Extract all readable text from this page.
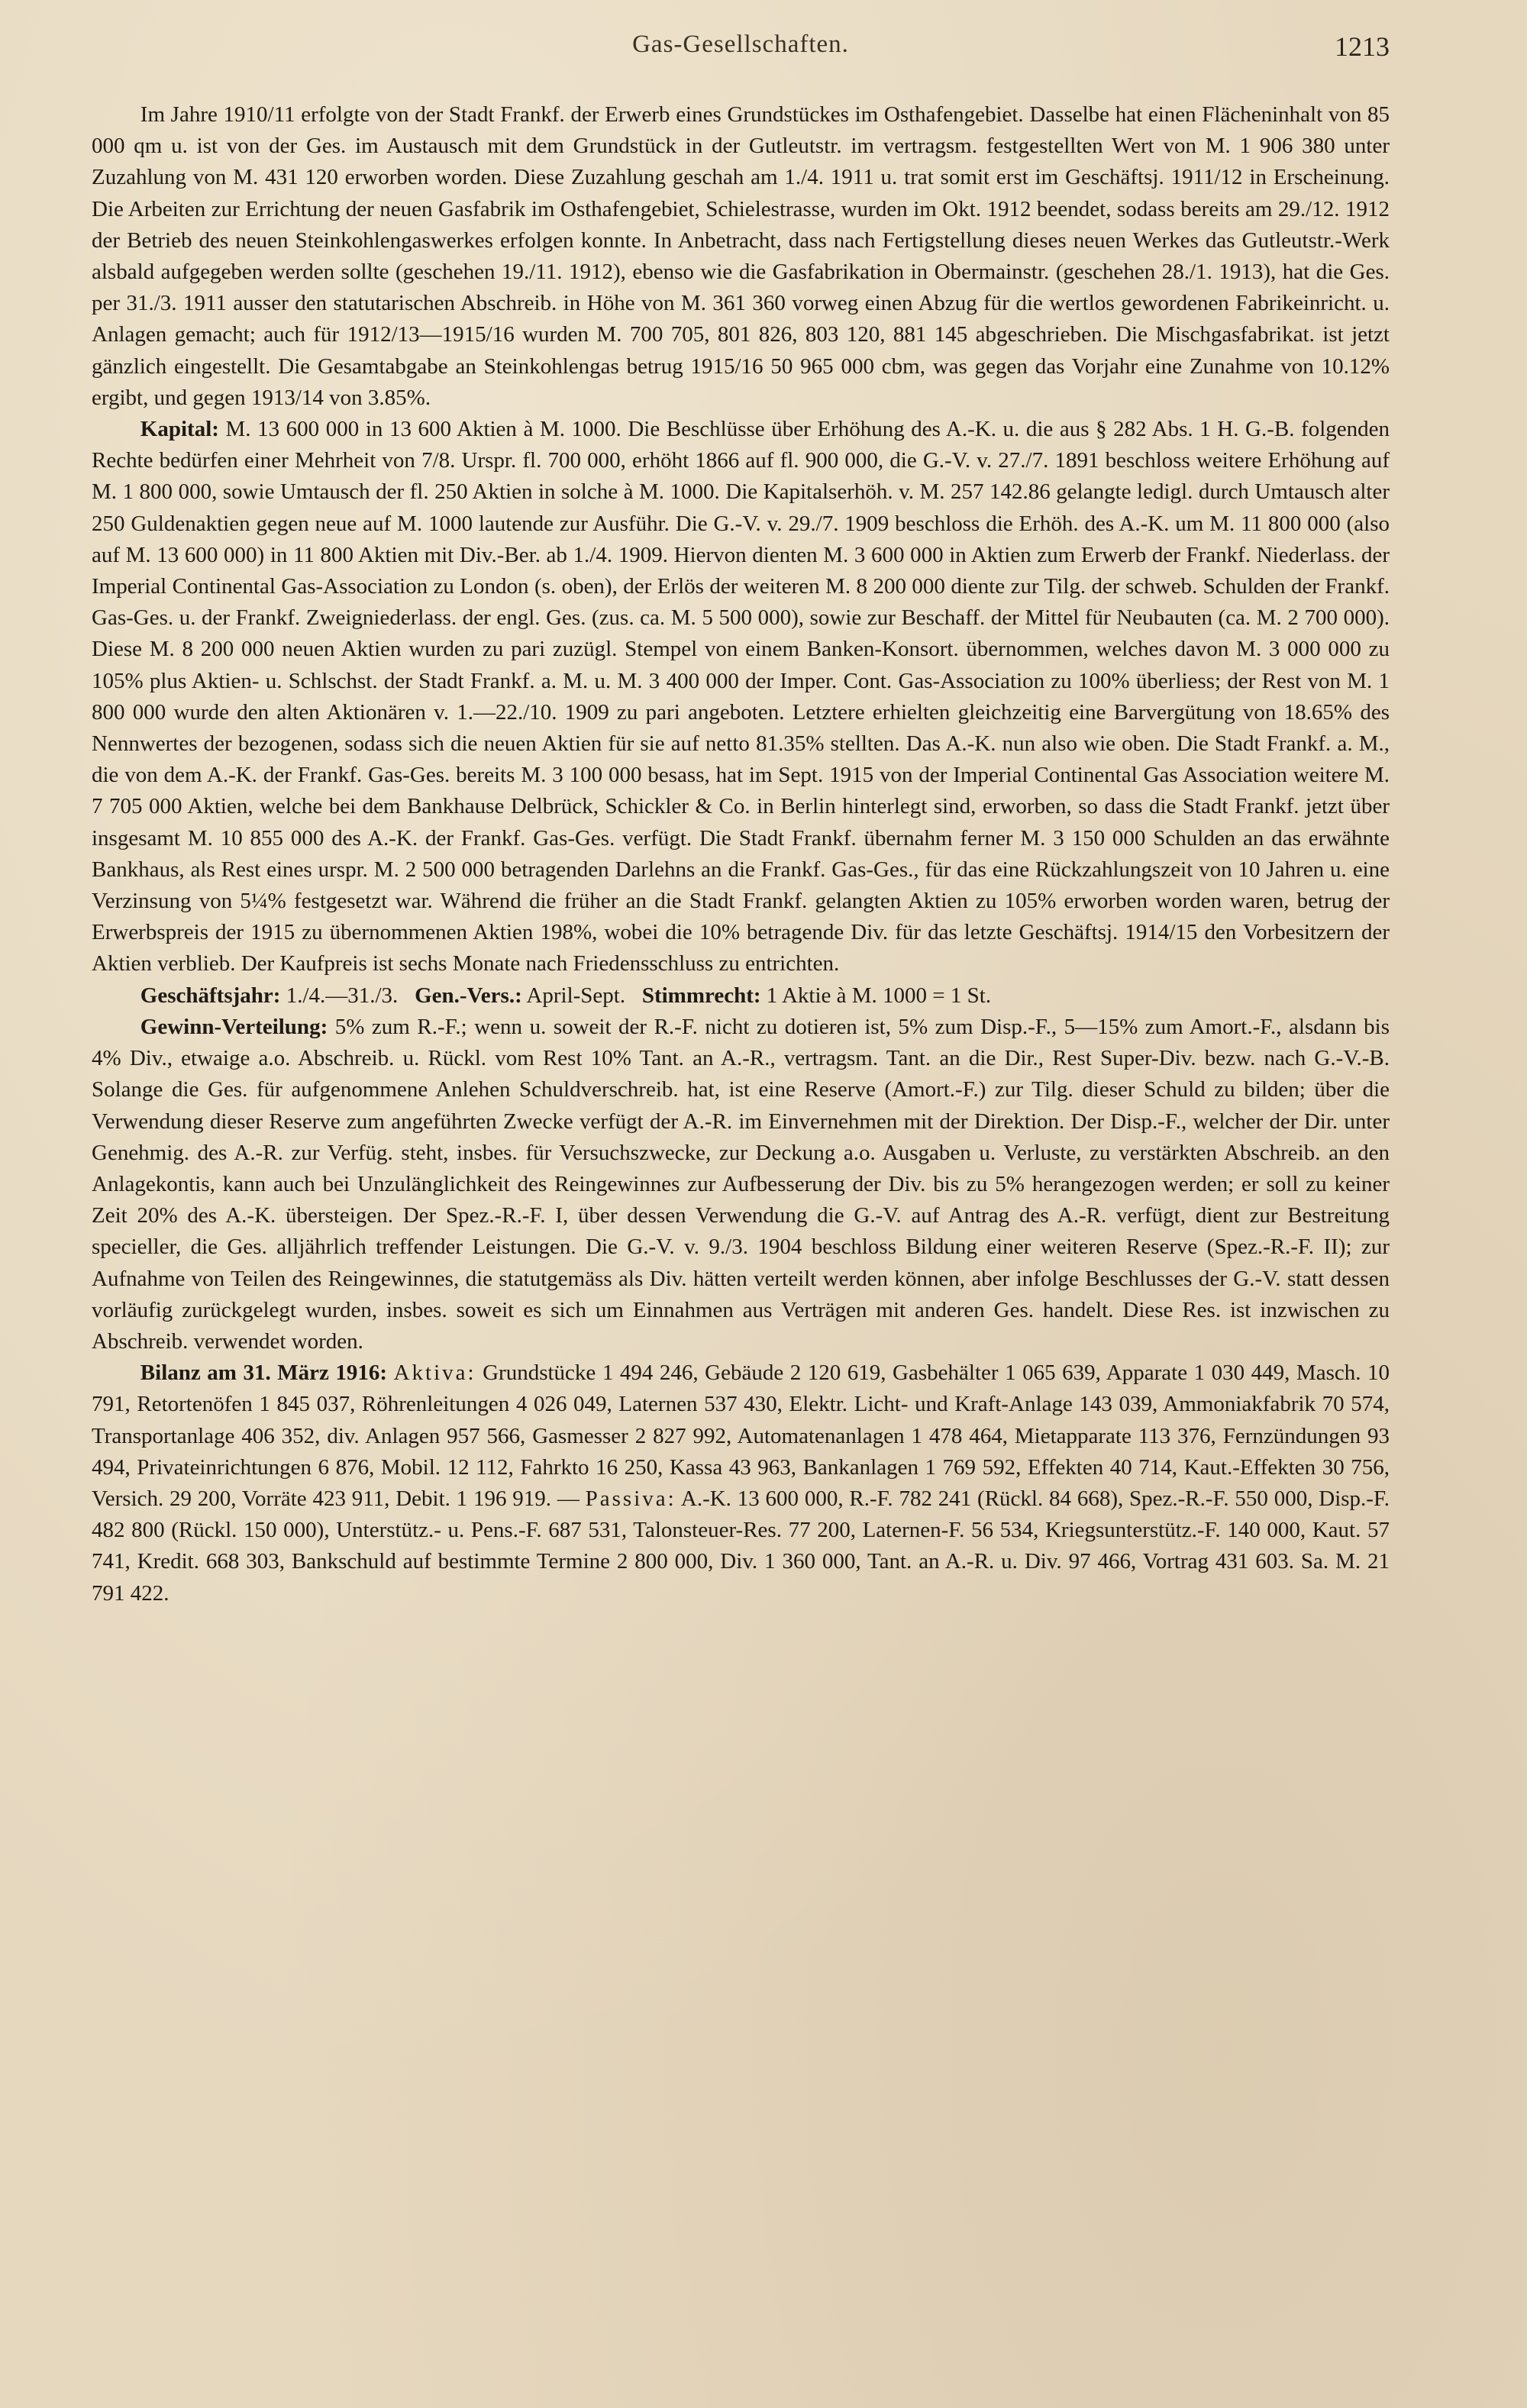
Gas-Gesellschaften.	1213

Im Jahre 1910/11 erfolgte von der Stadt Frankf. der Erwerb eines Grundstückes im Osthafengebiet. Dasselbe hat einen Flächeninhalt von 85 000 qm u. ist von der Ges. im Austausch mit dem Grundstück in der Gutleutstr. im vertragsm. festgestellten Wert von M. 1 906 380 unter Zuzahlung von M. 431 120 erworben worden. Diese Zuzahlung geschah am 1./4. 1911 u. trat somit erst im Geschäftsj. 1911/12 in Erscheinung. Die Arbeiten zur Errichtung der neuen Gasfabrik im Osthafengebiet, Schielestrasse, wurden im Okt. 1912 beendet, sodass bereits am 29./12. 1912 der Betrieb des neuen Steinkohlengaswerkes erfolgen konnte. In Anbetracht, dass nach Fertigstellung dieses neuen Werkes das Gutleutstr.-Werk alsbald aufgegeben werden sollte (geschehen 19./11. 1912), ebenso wie die Gasfabrikation in Obermainstr. (geschehen 28./1. 1913), hat die Ges. per 31./3. 1911 ausser den statutarischen Abschreib. in Höhe von M. 361 360 vorweg einen Abzug für die wertlos gewordenen Fabrikeinricht. u. Anlagen gemacht; auch für 1912/13—1915/16 wurden M. 700 705, 801 826, 803 120, 881 145 abgeschrieben. Die Mischgasfabrikat. ist jetzt gänzlich eingestellt. Die Gesamtabgabe an Steinkohlengas betrug 1915/16 50 965 000 cbm, was gegen das Vorjahr eine Zunahme von 10.12% ergibt, und gegen 1913/14 von 3.85%.

Kapital: M. 13 600 000 in 13 600 Aktien à M. 1000. Die Beschlüsse über Erhöhung des A.-K. u. die aus § 282 Abs. 1 H. G.-B. folgenden Rechte bedürfen einer Mehrheit von 7/8. Urspr. fl. 700 000, erhöht 1866 auf fl. 900 000, die G.-V. v. 27./7. 1891 beschloss weitere Erhöhung auf M. 1 800 000, sowie Umtausch der fl. 250 Aktien in solche à M. 1000. Die Kapitalserhöh. v. M. 257 142.86 gelangte ledigl. durch Umtausch alter 250 Guldenaktien gegen neue auf M. 1000 lautende zur Ausführ. Die G.-V. v. 29./7. 1909 beschloss die Erhöh. des A.-K. um M. 11 800 000 (also auf M. 13 600 000) in 11 800 Aktien mit Div.-Ber. ab 1./4. 1909. Hiervon dienten M. 3 600 000 in Aktien zum Erwerb der Frankf. Niederlass. der Imperial Continental Gas-Association zu London (s. oben), der Erlös der weiteren M. 8 200 000 diente zur Tilg. der schweb. Schulden der Frankf. Gas-Ges. u. der Frankf. Zweigniederlass. der engl. Ges. (zus. ca. M. 5 500 000), sowie zur Beschaff. der Mittel für Neubauten (ca. M. 2 700 000). Diese M. 8 200 000 neuen Aktien wurden zu pari zuzügl. Stempel von einem Banken-Konsort. übernommen, welches davon M. 3 000 000 zu 105% plus Aktien- u. Schlschst. der Stadt Frankf. a. M. u. M. 3 400 000 der Imper. Cont. Gas-Association zu 100% überliess; der Rest von M. 1 800 000 wurde den alten Aktionären v. 1.—22./10. 1909 zu pari angeboten. Letztere erhielten gleichzeitig eine Barvergütung von 18.65% des Nennwertes der bezogenen, sodass sich die neuen Aktien für sie auf netto 81.35% stellten. Das A.-K. nun also wie oben. Die Stadt Frankf. a. M., die von dem A.-K. der Frankf. Gas-Ges. bereits M. 3 100 000 besass, hat im Sept. 1915 von der Imperial Continental Gas Association weitere M. 7 705 000 Aktien, welche bei dem Bankhause Delbrück, Schickler & Co. in Berlin hinterlegt sind, erworben, so dass die Stadt Frankf. jetzt über insgesamt M. 10 855 000 des A.-K. der Frankf. Gas-Ges. verfügt. Die Stadt Frankf. übernahm ferner M. 3 150 000 Schulden an das erwähnte Bankhaus, als Rest eines urspr. M. 2 500 000 betragenden Darlehns an die Frankf. Gas-Ges., für das eine Rückzahlungszeit von 10 Jahren u. eine Verzinsung von 5¼% festgesetzt war. Während die früher an die Stadt Frankf. gelangten Aktien zu 105% erworben worden waren, betrug der Erwerbspreis der 1915 zu übernommenen Aktien 198%, wobei die 10% betragende Div. für das letzte Geschäftsj. 1914/15 den Vorbesitzern der Aktien verblieb. Der Kaufpreis ist sechs Monate nach Friedensschluss zu entrichten.

Geschäftsjahr: 1./4.—31./3. Gen.-Vers.: April-Sept. Stimmrecht: 1 Aktie à M. 1000 = 1 St.

Gewinn-Verteilung: 5% zum R.-F.; wenn u. soweit der R.-F. nicht zu dotieren ist, 5% zum Disp.-F., 5—15% zum Amort.-F., alsdann bis 4% Div., etwaige a.o. Abschreib. u. Rückl. vom Rest 10% Tant. an A.-R., vertragsm. Tant. an die Dir., Rest Super-Div. bezw. nach G.-V.-B. Solange die Ges. für aufgenommene Anlehen Schuldverschreib. hat, ist eine Reserve (Amort.-F.) zur Tilg. dieser Schuld zu bilden; über die Verwendung dieser Reserve zum angeführten Zwecke verfügt der A.-R. im Einvernehmen mit der Direktion. Der Disp.-F., welcher der Dir. unter Genehmig. des A.-R. zur Verfüg. steht, insbes. für Versuchszwecke, zur Deckung a.o. Ausgaben u. Verluste, zu verstärkten Abschreib. an den Anlagekontis, kann auch bei Unzulänglichkeit des Reingewinnes zur Aufbesserung der Div. bis zu 5% herangezogen werden; er soll zu keiner Zeit 20% des A.-K. übersteigen. Der Spez.-R.-F. I, über dessen Verwendung die G.-V. auf Antrag des A.-R. verfügt, dient zur Bestreitung specieller, die Ges. alljährlich treffender Leistungen. Die G.-V. v. 9./3. 1904 beschloss Bildung einer weiteren Reserve (Spez.-R.-F. II); zur Aufnahme von Teilen des Reingewinnes, die statutgemäss als Div. hätten verteilt werden können, aber infolge Beschlusses der G.-V. statt dessen vorläufig zurückgelegt wurden, insbes. soweit es sich um Einnahmen aus Verträgen mit anderen Ges. handelt. Diese Res. ist inzwischen zu Abschreib. verwendet worden.

Bilanz am 31. März 1916: Aktiva: Grundstücke 1 494 246, Gebäude 2 120 619, Gasbehälter 1 065 639, Apparate 1 030 449, Masch. 10 791, Retortenöfen 1 845 037, Röhrenleitungen 4 026 049, Laternen 537 430, Elektr. Licht- und Kraft-Anlage 143 039, Ammoniakfabrik 70 574, Transportanlage 406 352, div. Anlagen 957 566, Gasmesser 2 827 992, Automatenanlagen 1 478 464, Mietapparate 113 376, Fernzündungen 93 494, Privateinrichtungen 6 876, Mobil. 12 112, Fahrkto 16 250, Kassa 43 963, Bankanlagen 1 769 592, Effekten 40 714, Kaut.-Effekten 30 756, Versich. 29 200, Vorräte 423 911, Debit. 1 196 919. — Passiva: A.-K. 13 600 000, R.-F. 782 241 (Rückl. 84 668), Spez.-R.-F. 550 000, Disp.-F. 482 800 (Rückl. 150 000), Unterstütz.- u. Pens.-F. 687 531, Talonsteuer-Res. 77 200, Laternen-F. 56 534, Kriegsunterstütz.-F. 140 000, Kaut. 57 741, Kredit. 668 303, Bankschuld auf bestimmte Termine 2 800 000, Div. 1 360 000, Tant. an A.-R. u. Div. 97 466, Vortrag 431 603. Sa. M. 21 791 422.
